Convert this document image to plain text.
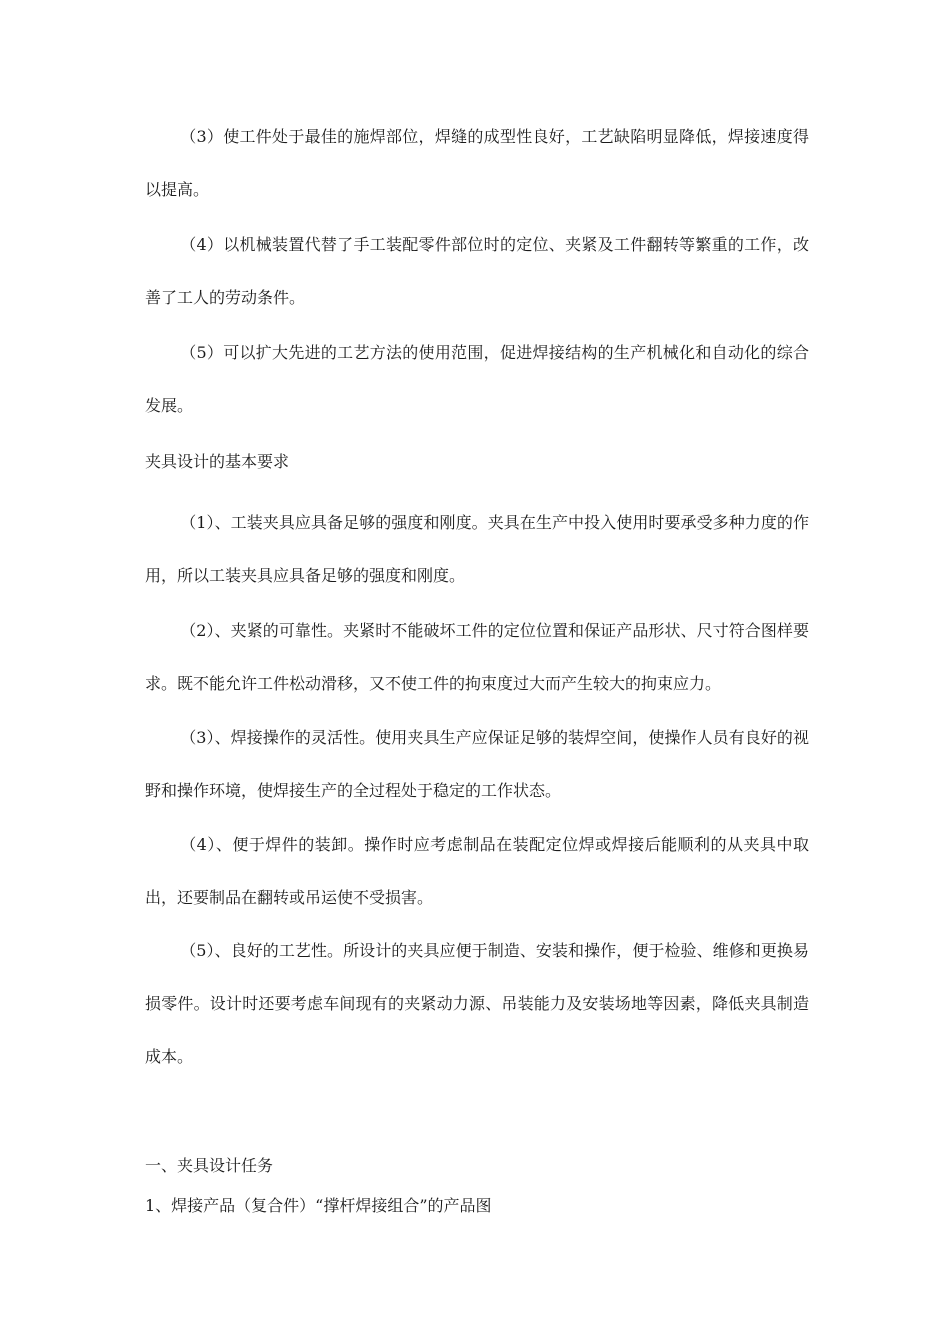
（3）使工件处于最佳的施焊部位，焊缝的成型性良好，工艺缺陷明显降低，焊接速度得以提高。

（4）以机械装置代替了手工装配零件部位时的定位、夹紧及工件翻转等繁重的工作，改善了工人的劳动条件。

（5）可以扩大先进的工艺方法的使用范围，促进焊接结构的生产机械化和自动化的综合发展。

夹具设计的基本要求

（1）、工装夹具应具备足够的强度和刚度。夹具在生产中投入使用时要承受多种力度的作用，所以工装夹具应具备足够的强度和刚度。

（2）、夹紧的可靠性。夹紧时不能破坏工件的定位位置和保证产品形状、尺寸符合图样要求。既不能允许工件松动滑移，又不使工件的拘束度过大而产生较大的拘束应力。

（3）、焊接操作的灵活性。使用夹具生产应保证足够的装焊空间，使操作人员有良好的视野和操作环境，使焊接生产的全过程处于稳定的工作状态。

（4）、便于焊件的装卸。操作时应考虑制品在装配定位焊或焊接后能顺利的从夹具中取出，还要制品在翻转或吊运使不受损害。

（5）、良好的工艺性。所设计的夹具应便于制造、安装和操作，便于检验、维修和更换易损零件。设计时还要考虑车间现有的夹紧动力源、吊装能力及安装场地等因素，降低夹具制造成本。

一、夹具设计任务

1、焊接产品（复合件）“撑杆焊接组合”的产品图
